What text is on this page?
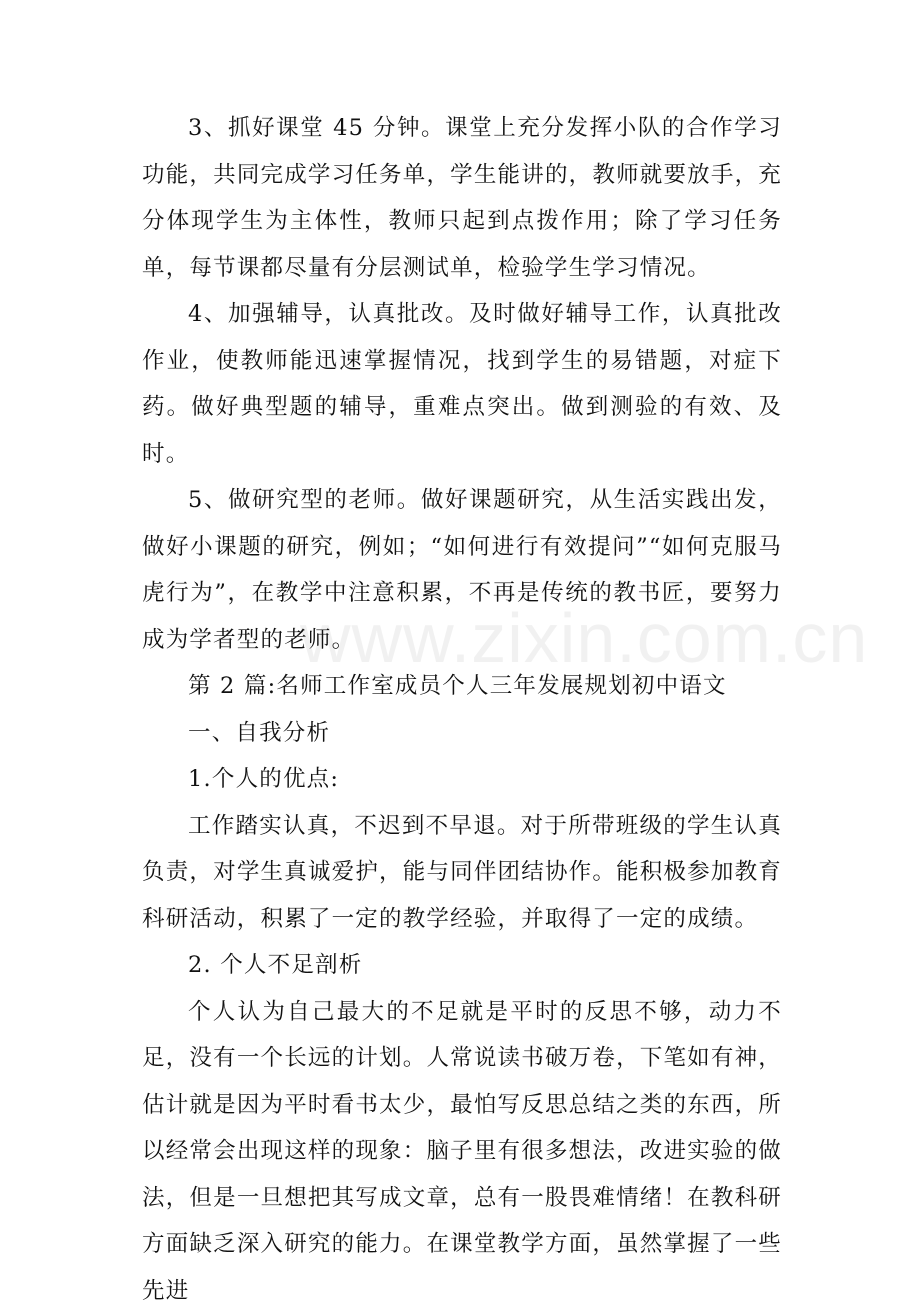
www.zixin.com.cn

3、抓好课堂 45 分钟。课堂上充分发挥小队的合作学习功能，共同完成学习任务单，学生能讲的，教师就要放手，充分体现学生为主体性，教师只起到点拨作用；除了学习任务单，每节课都尽量有分层测试单，检验学生学习情况。

4、加强辅导，认真批改。及时做好辅导工作，认真批改作业，使教师能迅速掌握情况，找到学生的易错题，对症下药。做好典型题的辅导，重难点突出。做到测验的有效、及时。

5、做研究型的老师。做好课题研究，从生活实践出发，做好小课题的研究，例如；“如何进行有效提问”“如何克服马虎行为”，在教学中注意积累，不再是传统的教书匠，要努力成为学者型的老师。

第 2 篇:名师工作室成员个人三年发展规划初中语文

一、自我分析

1.个人的优点:

工作踏实认真，不迟到不早退。对于所带班级的学生认真负责，对学生真诚爱护，能与同伴团结协作。能积极参加教育科研活动，积累了一定的教学经验，并取得了一定的成绩。

2. 个人不足剖析

个人认为自己最大的不足就是平时的反思不够，动力不足，没有一个长远的计划。人常说读书破万卷，下笔如有神，估计就是因为平时看书太少，最怕写反思总结之类的东西，所以经常会出现这样的现象：脑子里有很多想法，改进实验的做法，但是一旦想把其写成文章，总有一股畏难情绪！在教科研方面缺乏深入研究的能力。在课堂教学方面，虽然掌握了一些先进
